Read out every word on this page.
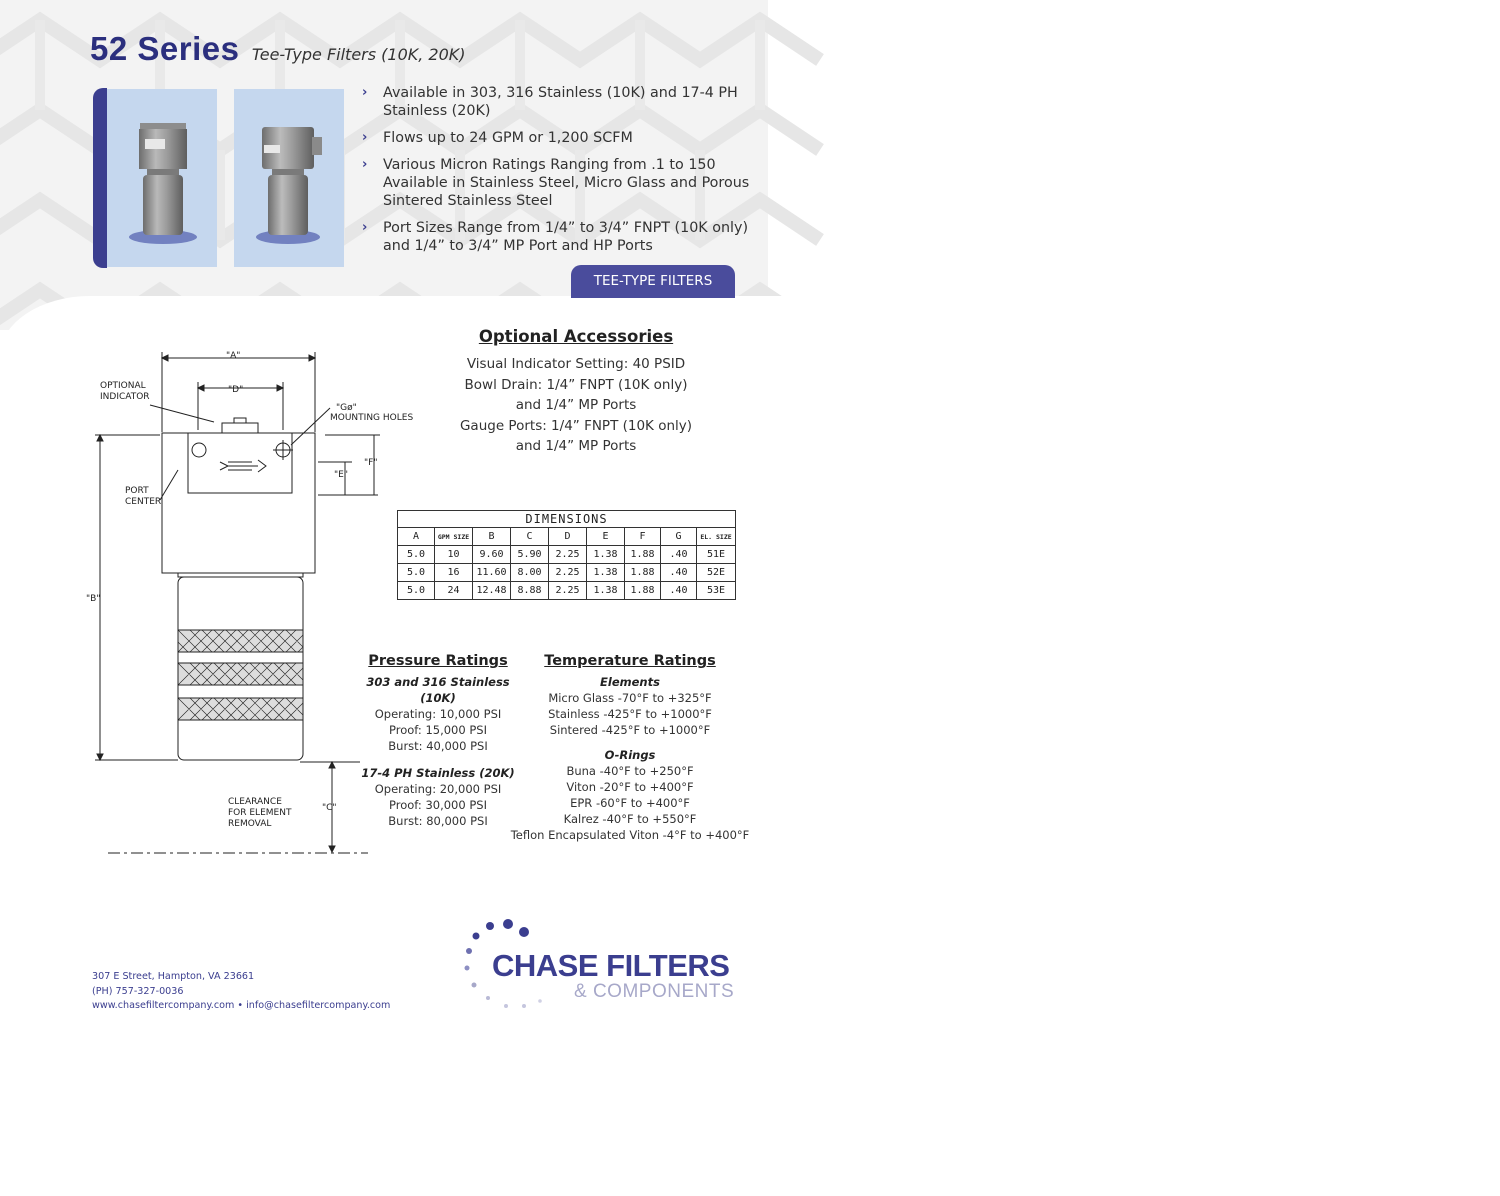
52 Series Tee-Type Filters (10K, 20K)
› Available in 303, 316 Stainless (10K) and 17-4 PH Stainless (20K)
› Flows up to 24 GPM or 1,200 SCFM
› Various Micron Ratings Ranging from .1 to 150 Available in Stainless Steel, Micro Glass and Porous Sintered Stainless Steel
› Port Sizes Range from 1/4” to 3/4” FNPT (10K only) and 1/4” to 3/4” MP Port and HP Ports
TEE-TYPE FILTERS
"A"
"D"
"Gø"
MOUNTING HOLES
OPTIONAL
INDICATOR
"E"
"F"
PORT
CENTER
"B"
"C"
CLEARANCE
FOR ELEMENT
REMOVAL
Optional Accessories
Visual Indicator Setting: 40 PSID
Bowl Drain: 1/4” FNPT (10K only)
and 1/4” MP Ports
Gauge Ports: 1/4” FNPT (10K only)
and 1/4” MP Ports
DIMENSIONS								
A	GPM SIZE	B	C	D	E	F	G	EL. SIZE
5.0	10	9.60	5.90	2.25	1.38	1.88	.40	51E
5.0	16	11.60	8.00	2.25	1.38	1.88	.40	52E
5.0	24	12.48	8.88	2.25	1.38	1.88	.40	53E
Pressure Ratings
303 and 316 Stainless (10K)
Operating: 10,000 PSI
Proof: 15,000 PSI
Burst: 40,000 PSI
17-4 PH Stainless (20K)
Operating: 20,000 PSI
Proof: 30,000 PSI
Burst: 80,000 PSI
Temperature Ratings
Elements
Micro Glass -70°F to +325°F
Stainless -425°F to +1000°F
Sintered -425°F to +1000°F
O-Rings
Buna -40°F to +250°F
Viton -20°F to +400°F
EPR -60°F to +400°F
Kalrez -40°F to +550°F
Teflon Encapsulated Viton -4°F to +400°F
307 E Street, Hampton, VA 23661
(PH) 757-327-0036
www.chasefiltercompany.com • info@chasefiltercompany.com
CHASE FILTERS
& COMPONENTS
